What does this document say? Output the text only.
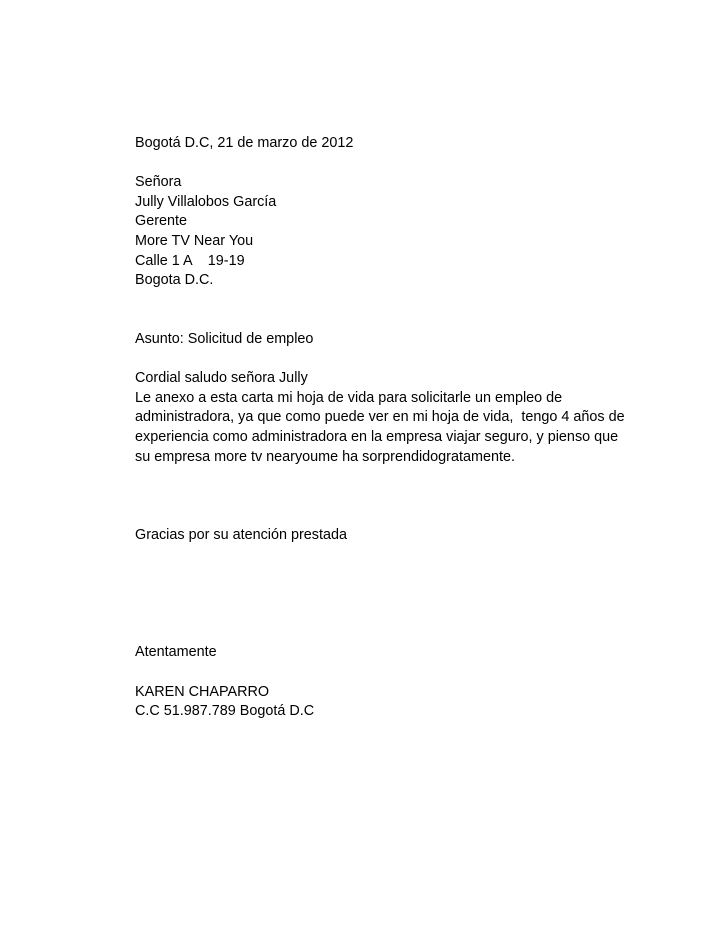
Bogotá D.C, 21 de marzo de 2012
Señora
Jully Villalobos García
Gerente
More TV Near You
Calle 1 A    19-19
Bogota D.C.
Asunto: Solicitud de empleo
Cordial saludo señora Jully
Le anexo a esta carta mi hoja de vida para solicitarle un empleo de
administradora, ya que como puede ver en mi hoja de vida,  tengo 4 años de
experiencia como administradora en la empresa viajar seguro, y pienso que
su empresa more tv nearyoume ha sorprendidogratamente.
Gracias por su atención prestada
Atentamente
KAREN CHAPARRO
C.C 51.987.789 Bogotá D.C
